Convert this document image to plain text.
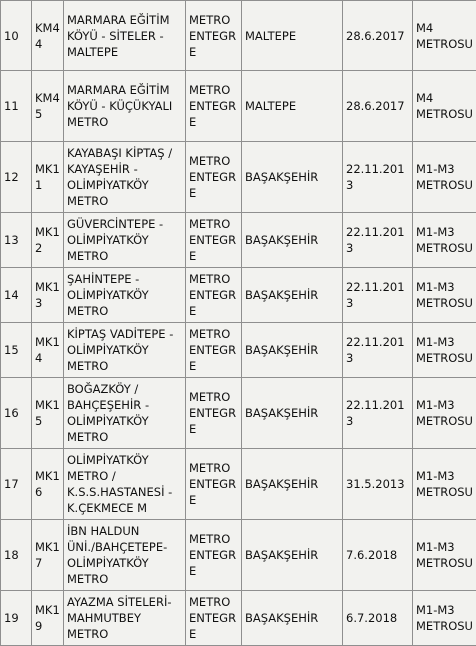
10	KM44	MARMARA EĞİTİM KÖYÜ - SİTELER - MALTEPE	METRO ENTEGRE	MALTEPE	28.6.2017	M4 METROSU
11	KM45	MARMARA EĞİTİM KÖYÜ - KÜÇÜKYALI METRO	METRO ENTEGRE	MALTEPE	28.6.2017	M4 METROSU
12	MK11	KAYABAŞI KİPTAŞ / KAYAŞEHİR - OLİMPİYATKÖY METRO	METRO ENTEGRE	BAŞAKŞEHİR	22.11.2013	M1-M3 METROSU
13	MK12	GÜVERCİNTEPE - OLİMPİYATKÖY METRO	METRO ENTEGRE	BAŞAKŞEHİR	22.11.2013	M1-M3 METROSU
14	MK13	ŞAHİNTEPE - OLİMPİYATKÖY METRO	METRO ENTEGRE	BAŞAKŞEHİR	22.11.2013	M1-M3 METROSU
15	MK14	KİPTAŞ VADİTEPE - OLİMPİYATKÖY METRO	METRO ENTEGRE	BAŞAKŞEHİR	22.11.2013	M1-M3 METROSU
16	MK15	BOĞAZKÖY / BAHÇEŞEHİR - OLİMPİYATKÖY METRO	METRO ENTEGRE	BAŞAKŞEHİR	22.11.2013	M1-M3 METROSU
17	MK16	OLİMPİYATKÖY METRO / K.S.S.HASTANESİ - K.ÇEKMECE M	METRO ENTEGRE	BAŞAKŞEHİR	31.5.2013	M1-M3 METROSU
18	MK17	İBN HALDUN ÜNİ./BAHÇETEPE-OLİMPİYATKÖY METRO	METRO ENTEGRE	BAŞAKŞEHİR	7.6.2018	M1-M3 METROSU
19	MK19	AYAZMA SİTELERİ-MAHMUTBEY METRO	METRO ENTEGRE	BAŞAKŞEHİR	6.7.2018	M1-M3 METROSU
